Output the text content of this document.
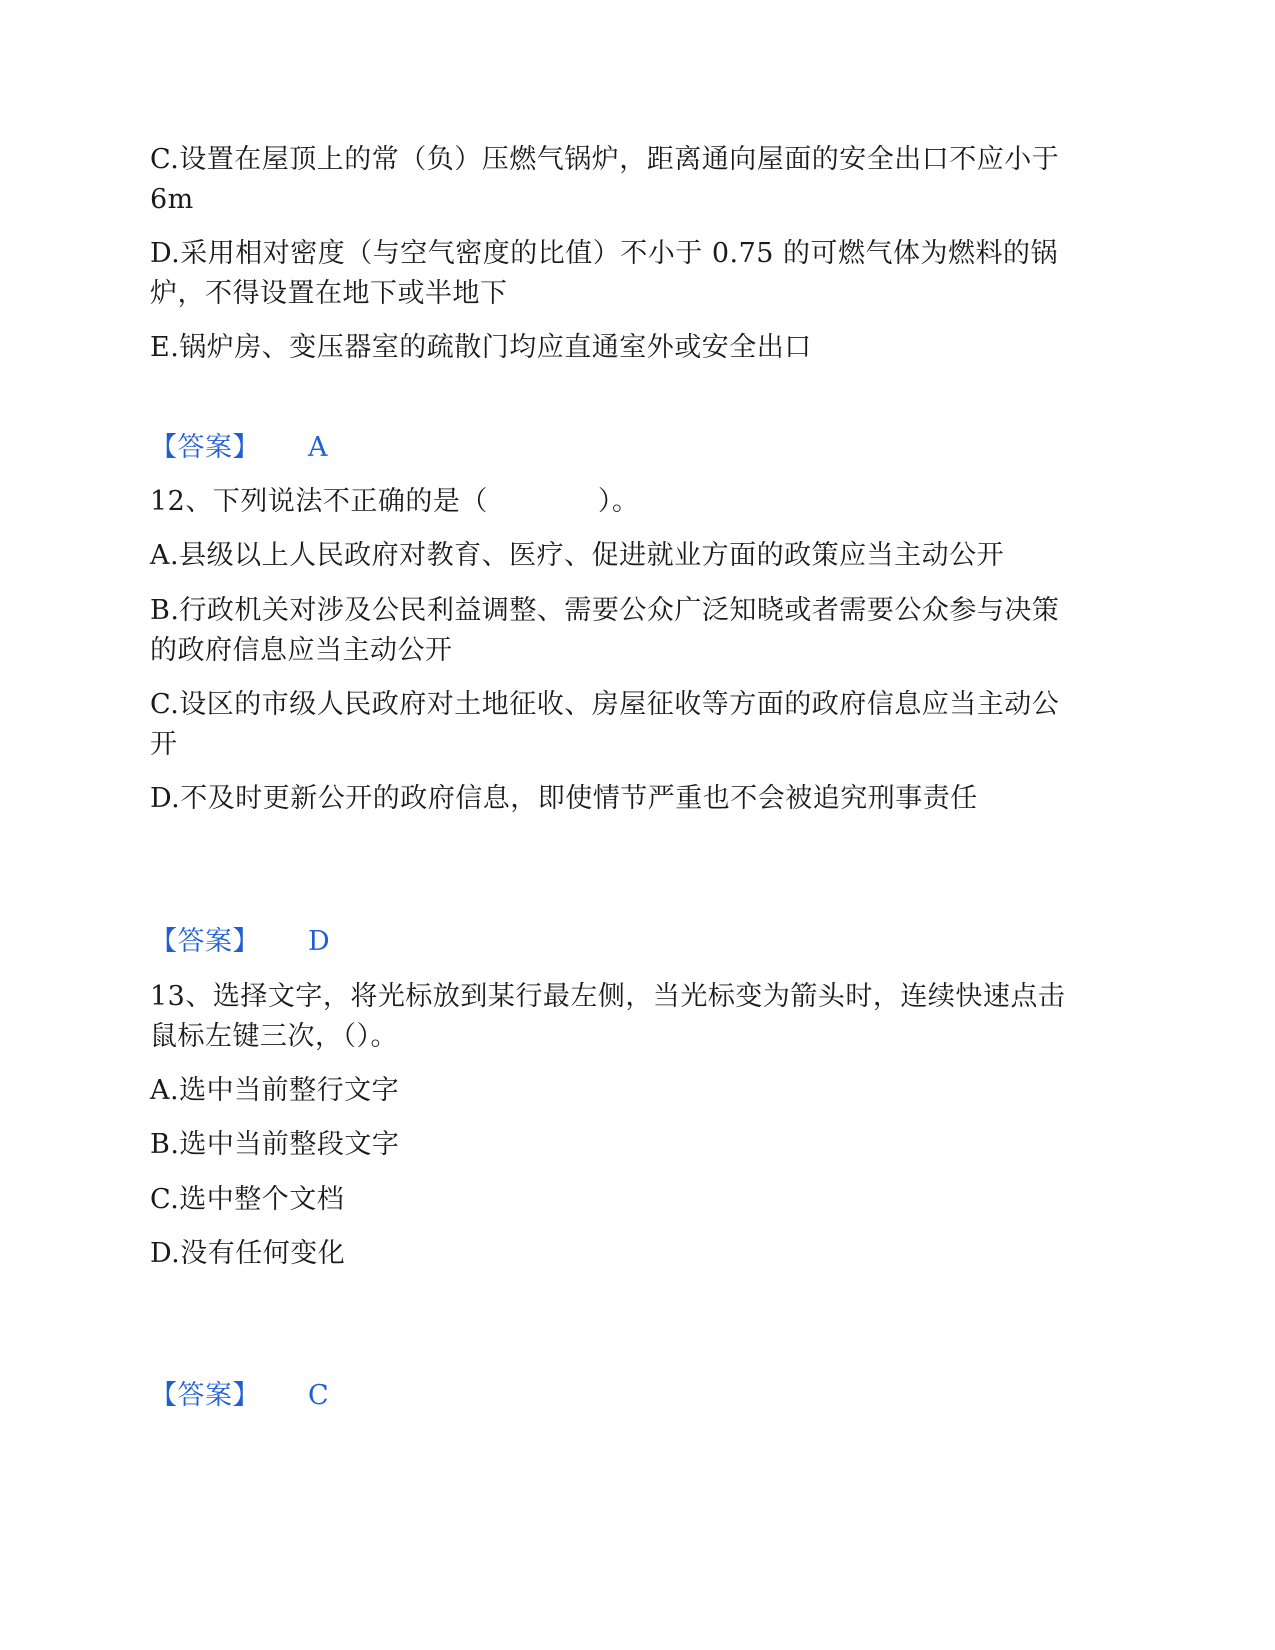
C.设置在屋顶上的常（负）压燃气锅炉，距离通向屋面的安全出口不应小于
6m
D.采用相对密度（与空气密度的比值）不小于 0.75 的可燃气体为燃料的锅
炉，不得设置在地下或半地下
E.锅炉房、变压器室的疏散门均应直通室外或安全出口
【答案】 A
12、下列说法不正确的是（　　　　）。
A.县级以上人民政府对教育、医疗、促进就业方面的政策应当主动公开
B.行政机关对涉及公民利益调整、需要公众广泛知晓或者需要公众参与决策
的政府信息应当主动公开
C.设区的市级人民政府对土地征收、房屋征收等方面的政府信息应当主动公
开
D.不及时更新公开的政府信息，即使情节严重也不会被追究刑事责任
【答案】 D
13、选择文字，将光标放到某行最左侧，当光标变为箭头时，连续快速点击
鼠标左键三次，（）。
A.选中当前整行文字
B.选中当前整段文字
C.选中整个文档
D.没有任何变化
【答案】 C
